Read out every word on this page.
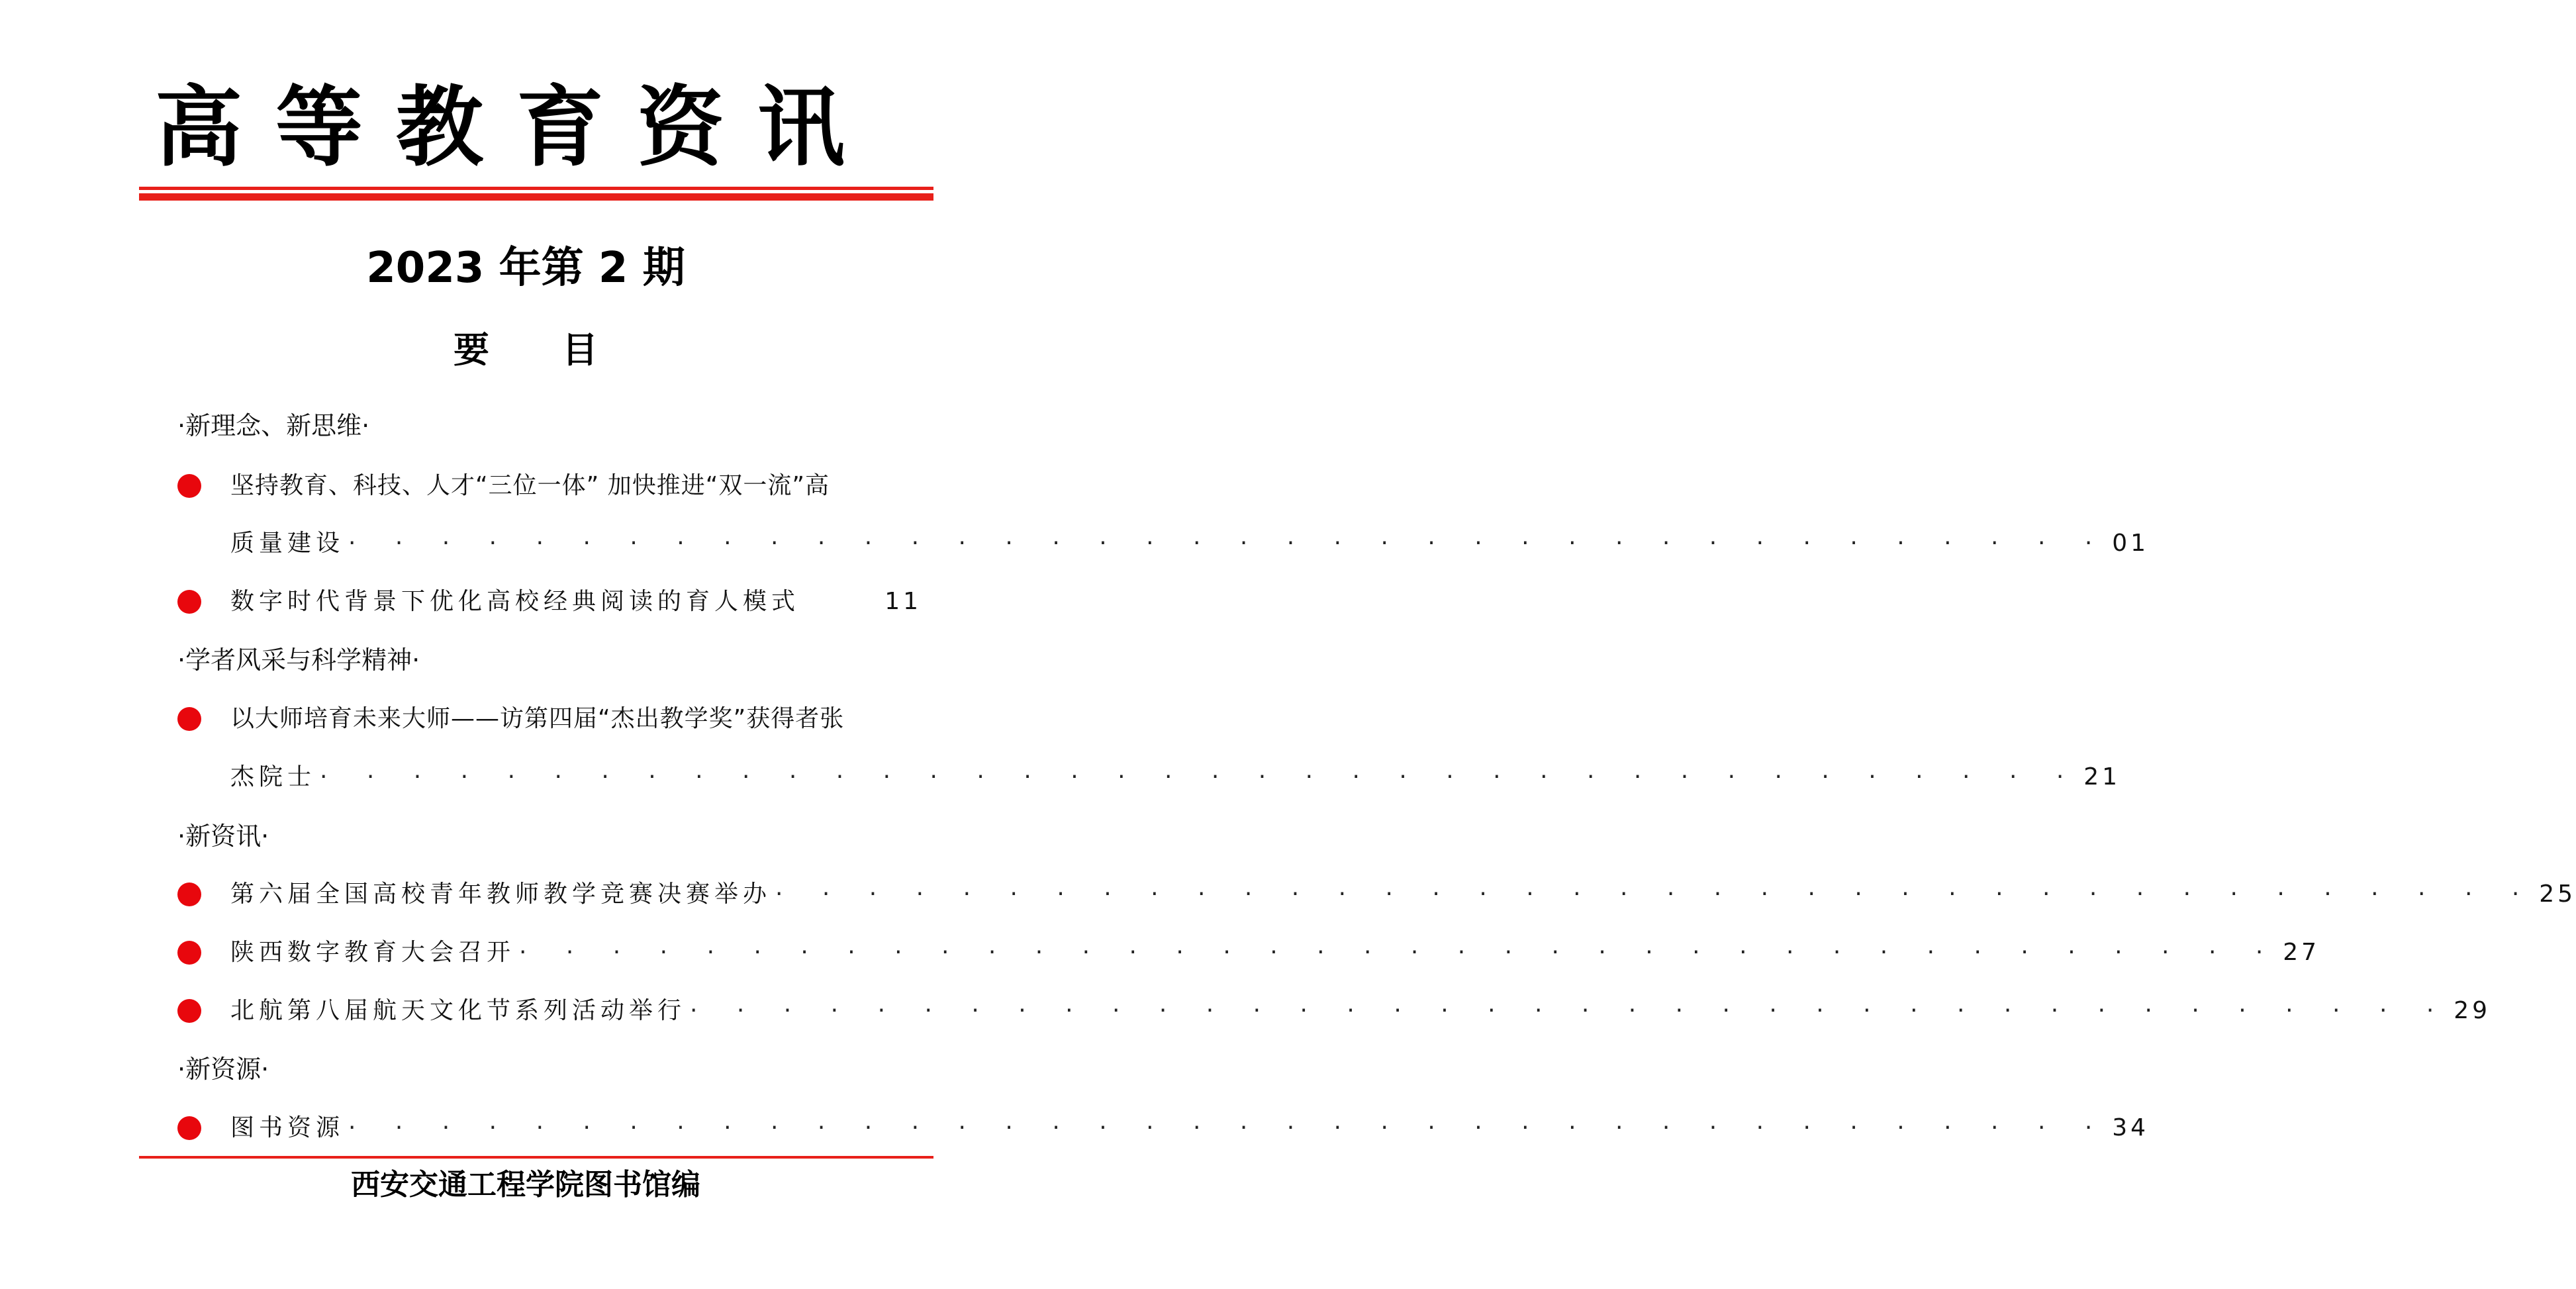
高 等 教 育 资 讯
2023 年第 2 期
要 目
·新理念、新思维·
坚持教育、科技、人才“三位一体” 加快推进“双一流”高
质量建设 · · · · · · · · · · · · · · · · · · · · · · · · · · · · · · · · · · · · · · 01
数字时代背景下优化高校经典阅读的育人模式	11
·学者风采与科学精神·
以大师培育未来大师——访第四届“杰出教学奖”获得者张
杰院士 · · · · · · · · · · · · · · · · · · · · · · · · · · · · · · · · · · · · · · 21
·新资讯·
第六届全国高校青年教师教学竞赛决赛举办 · · · · · · · · · · · · · · · · · · · · · · · · · · · · · · · · · · · · · · 25
陕西数字教育大会召开 · · · · · · · · · · · · · · · · · · · · · · · · · · · · · · · · · · · · · · 27
北航第八届航天文化节系列活动举行 · · · · · · · · · · · · · · · · · · · · · · · · · · · · · · · · · · · · · · 29
·新资源·
图书资源 · · · · · · · · · · · · · · · · · · · · · · · · · · · · · · · · · · · · · · 34
西安交通工程学院图书馆编
